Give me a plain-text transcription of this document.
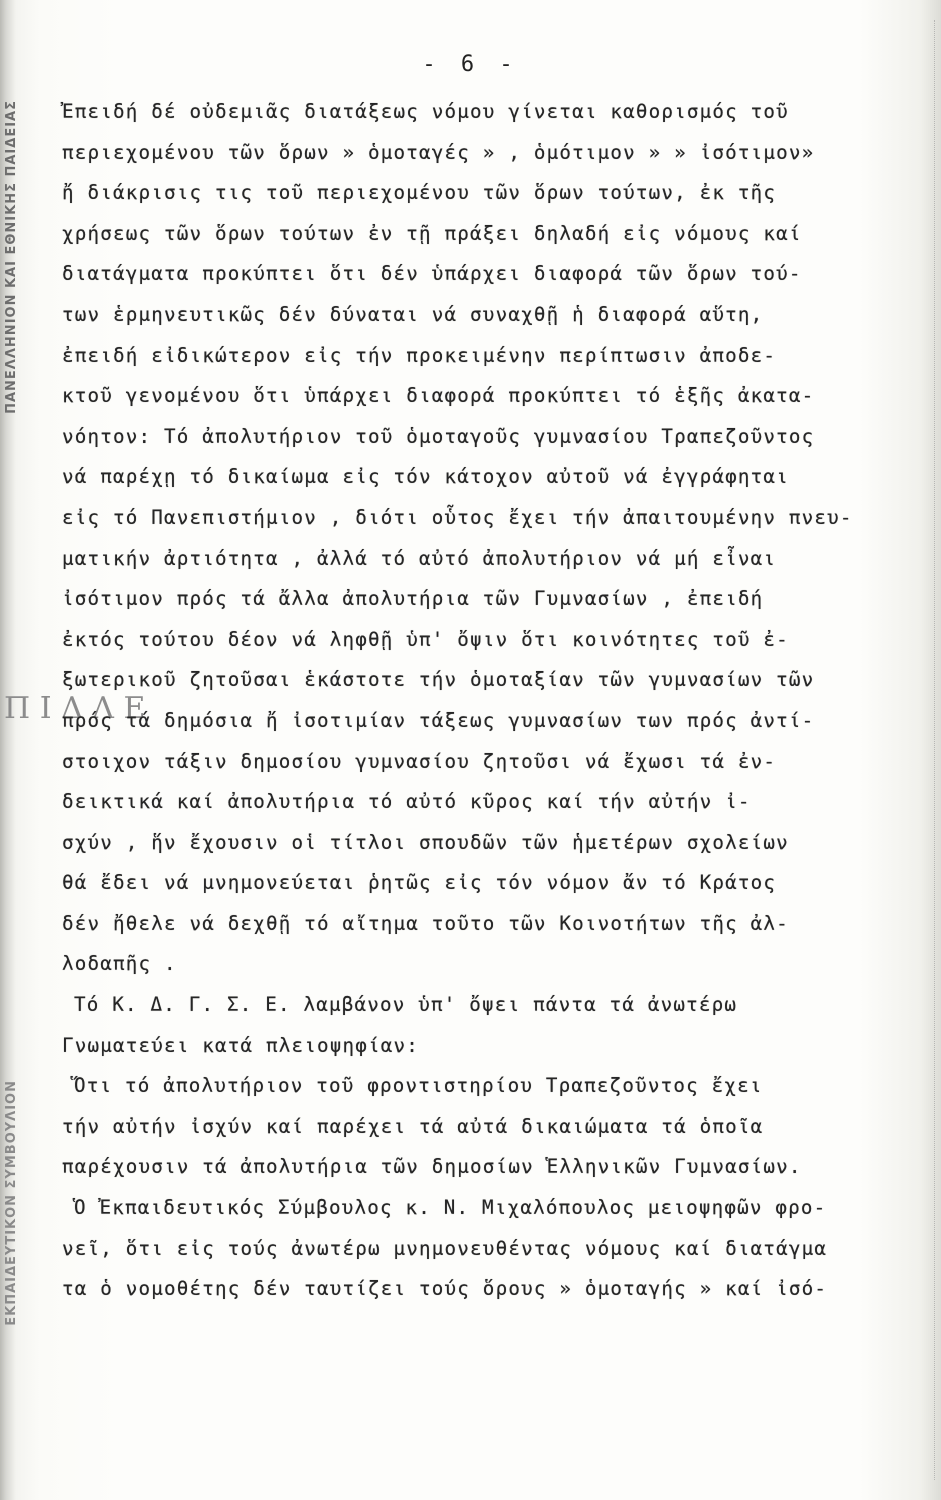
ΠΑΝΕΛΛΗΝΙΟΝ ΚΑΙ ΕΘΝΙΚΗΣ ΠΑΙΔΕΙΑΣ
Π Ι Δ Λ Ε
ΕΚΠΑΙΔΕΥΤΙΚΟΝ ΣΥΜΒΟΥΛΙΟΝ
- 6 -
Ἐπειδή δέ οὐδεμιᾶς διατάξεως νόμου γίνεται καθορισμός τοῦ
περιεχομένου τῶν ὅρων » ὁμοταγές » , ὁμότιμον » » ἰσότιμον»
ἤ διάκρισις τις τοῦ περιεχομένου τῶν ὅρων τούτων, ἐκ τῆς
χρήσεως τῶν ὅρων τούτων ἐν τῇ πράξει δηλαδή εἰς νόμους καί
διατάγματα προκύπτει ὅτι δέν ὑπάρχει διαφορά τῶν ὅρων τού-
των ἑρμηνευτικῶς δέν δύναται νά συναχθῇ ἡ διαφορά αὕτη,
ἐπειδή εἰδικώτερον εἰς τήν προκειμένην περίπτωσιν ἀποδε-
κτοῦ γενομένου ὅτι ὑπάρχει διαφορά προκύπτει τό ἑξῆς ἀκατα-
νόητον: Τό ἀπολυτήριον τοῦ ὁμοταγοῦς γυμνασίου Τραπεζοῦντος
νά παρέχῃ τό δικαίωμα εἰς τόν κάτοχον αὐτοῦ νά ἐγγράφηται
εἰς τό Πανεπιστήμιον , διότι οὗτος ἔχει τήν ἀπαιτουμένην πνευ-
ματικήν ἀρτιότητα , ἀλλά τό αὐτό ἀπολυτήριον νά μή εἶναι
ἰσότιμον πρός τά ἄλλα ἀπολυτήρια τῶν Γυμνασίων , ἐπειδή
ἐκτός τούτου δέον νά ληφθῇ ὑπ' ὄψιν ὅτι κοινότητες τοῦ ἐ-
ξωτερικοῦ ζητοῦσαι ἑκάστοτε τήν ὁμοταξίαν τῶν γυμνασίων τῶν
πρός τά δημόσια ἤ ἰσοτιμίαν τάξεως γυμνασίων των πρός ἀντί-
στοιχον τάξιν δημοσίου γυμνασίου ζητοῦσι νά ἔχωσι τά ἐν-
δεικτικά καί ἀπολυτήρια τό αὐτό κῦρος καί τήν αὐτήν ἰ-
σχύν , ἥν ἔχουσιν οἱ τίτλοι σπουδῶν τῶν ἡμετέρων σχολείων
θά ἔδει νά μνημονεύεται ῥητῶς εἰς τόν νόμον ἄν τό Κράτος
δέν ἤθελε νά δεχθῇ τό αἴτημα τοῦτο τῶν Κοινοτήτων τῆς ἀλ-
λοδαπῆς .
Τό Κ. Δ. Γ. Σ. Ε. λαμβάνον ὑπ' ὄψει πάντα τά ἀνωτέρω
Γνωματεύει κατά πλειοψηφίαν:
Ὅτι τό ἀπολυτήριον τοῦ φροντιστηρίου Τραπεζοῦντος ἔχει
τήν αὐτήν ἰσχύν καί παρέχει τά αὐτά δικαιώματα τά ὁποῖα
παρέχουσιν τά ἀπολυτήρια τῶν δημοσίων Ἑλληνικῶν Γυμνασίων.
Ὁ Ἐκπαιδευτικός Σύμβουλος κ. Ν. Μιχαλόπουλος μειοψηφῶν φρο-
νεῖ, ὅτι εἰς τούς ἀνωτέρω μνημονευθέντας νόμους καί διατάγμα
τα ὁ νομοθέτης δέν ταυτίζει τούς ὅρους » ὁμοταγής » καί ἰσό-
